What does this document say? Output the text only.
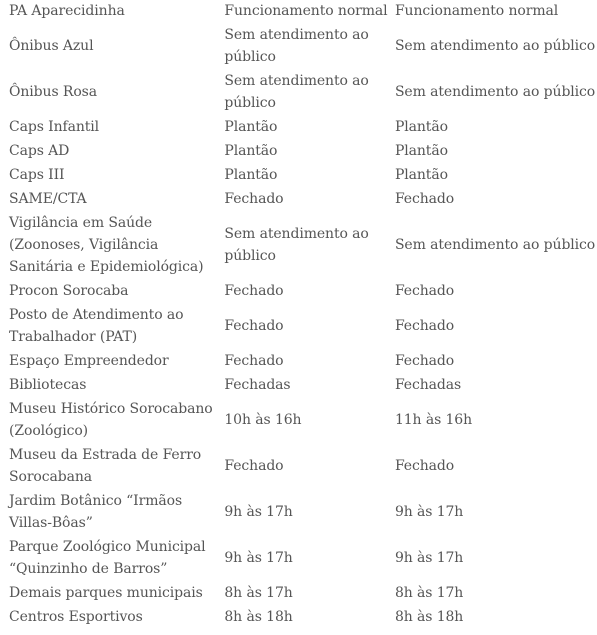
PA Aparecidinha	Funcionamento normal	Funcionamento normal
Ônibus Azul	Sem atendimento ao público	Sem atendimento ao público
Ônibus Rosa	Sem atendimento ao público	Sem atendimento ao público
Caps Infantil	Plantão	Plantão
Caps AD	Plantão	Plantão
Caps III	Plantão	Plantão
SAME/CTA	Fechado	Fechado
Vigilância em Saúde (Zoonoses, Vigilância Sanitária e Epidemiológica)	Sem atendimento ao público	Sem atendimento ao público
Procon Sorocaba	Fechado	Fechado
Posto de Atendimento ao Trabalhador (PAT)	Fechado	Fechado
Espaço Empreendedor	Fechado	Fechado
Bibliotecas	Fechadas	Fechadas
Museu Histórico Sorocabano (Zoológico)	10h às 16h	11h às 16h
Museu da Estrada de Ferro Sorocabana	Fechado	Fechado
Jardim Botânico “Irmãos Villas-Bôas”	9h às 17h	9h às 17h
Parque Zoológico Municipal “Quinzinho de Barros”	9h às 17h	9h às 17h
Demais parques municipais	8h às 17h	8h às 17h
Centros Esportivos	8h às 18h	8h às 18h
